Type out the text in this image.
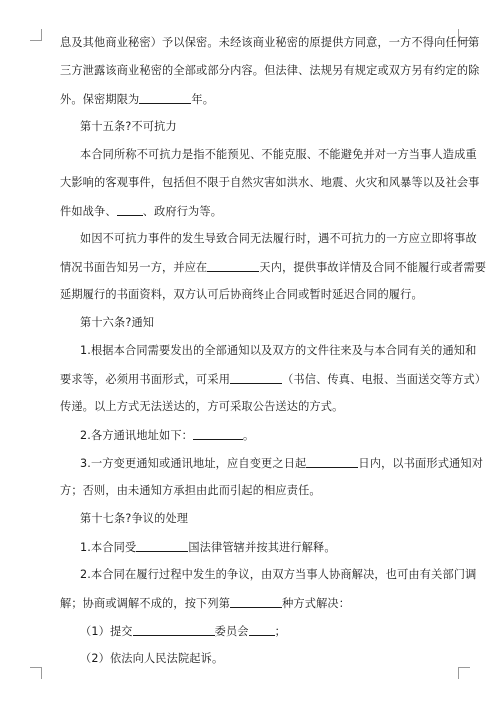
息及其他商业秘密）予以保密。未经该商业秘密的原提供方同意，一方不得向任何第
三方泄露该商业秘密的全部或部分内容。但法律、法规另有规定或双方另有约定的除
外。保密期限为	年。
第十五条?不可抗力
本合同所称不可抗力是指不能预见、不能克服、不能避免并对一方当事人造成重
大影响的客观事件，包括但不限于自然灾害如洪水、地震、火灾和风暴等以及社会事
件如战争、 、政府行为等。
如因不可抗力事件的发生导致合同无法履行时，遇不可抗力的一方应立即将事故
情况书面告知另一方，并应在	天内，提供事故详情及合同不能履行或者需要
延期履行的书面资料，双方认可后协商终止合同或暂时延迟合同的履行。
第十六条?通知
1.根据本合同需要发出的全部通知以及双方的文件往来及与本合同有关的通知和
要求等，必须用书面形式，可采用	（书信、传真、电报、当面送交等方式）
传递。以上方式无法送达的，方可采取公告送达的方式。
2.各方通讯地址如下：	。
3.一方变更通知或通讯地址，应自变更之日起	日内，以书面形式通知对
方；否则，由未通知方承担由此而引起的相应责任。
第十七条?争议的处理
1.本合同受	国法律管辖并按其进行解释。
2.本合同在履行过程中发生的争议，由双方当事人协商解决，也可由有关部门调
解；协商或调解不成的，按下列第	种方式解决：
（1）提交	委员会 ；
（2）依法向人民法院起诉。
